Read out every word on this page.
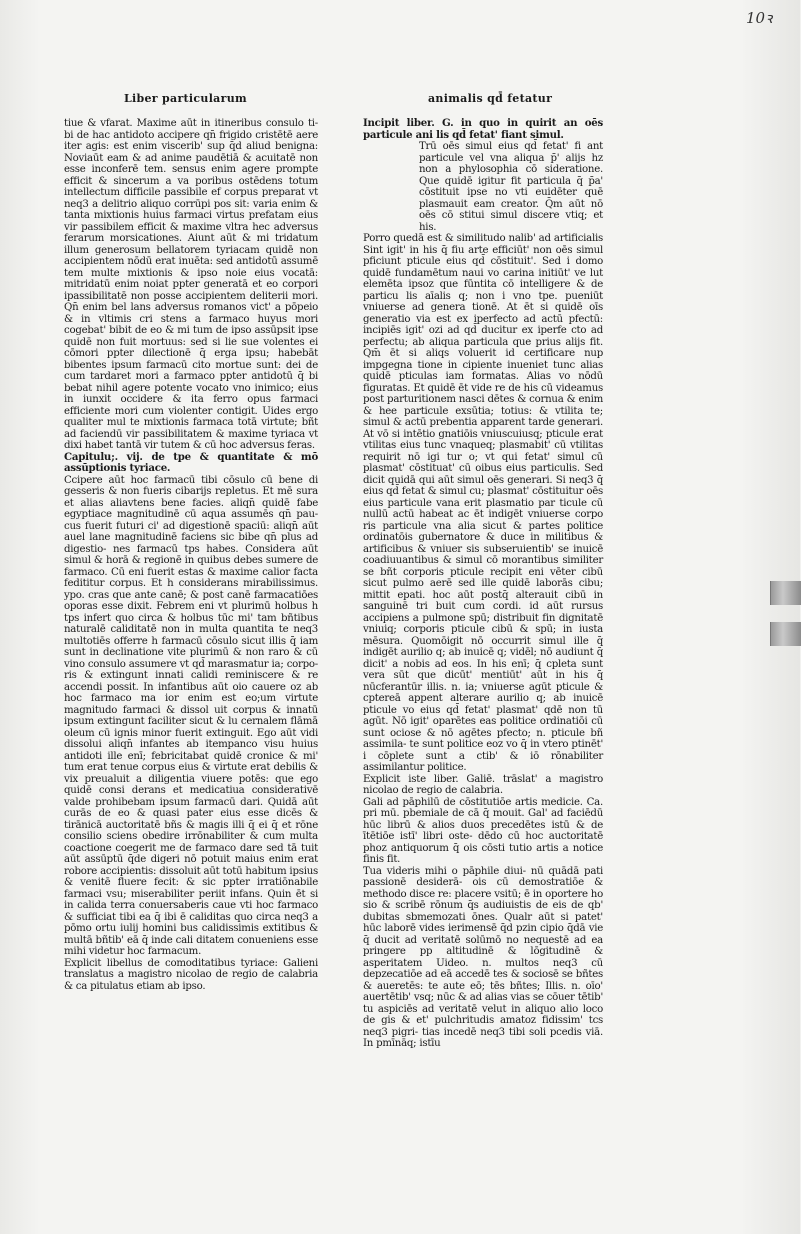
10ꝛ
Liber particularum	animalis qd̄ fetatur

tiue & vfarat. Maxime aūt in itineribus consulo ti- bi de hac antidoto accipere qn̄ frigido cristētē aere iter agis: est enim viscerib' sup q̄d aliud benigna: Noviaūt eam & ad anime paudētiā & acuitatē non esse inconferē tem. sensus enim agere prompte efficit & sincerum a va poribus ostēdens totum intellectum difficile passibile ef corpus preparat vt neq3 a delitrio aliquo corrūpi pos sit: varia enim & tanta mixtionis huius farmaci virtus prefatam eius vir passibilem efficit & maxime vltra hec adversus ferarum morsicationes. Aiunt aūt & mi tridatum illum generosum bellatorem tyriacam quidē non accipientem nōdū erat inuēta: sed antidotū assumē tem multe mixtionis & ipso noie eius vocatā: mitridatū enim noiat ppter generatā et eo corpori ipassibilitatē non posse accipientem deliterii mori. Qn̄ enim bel lans adversus romanos vict' a pōpeio & in vltimis cri stens a farmaco huyus mori cogebat' bibit de eo & mi tum de ipso assūpsit ipse quidē non fuit mortuus: sed si lie sue volentes ei cōmori ppter dilectionē q̄ erga ipsu; habebāt bibentes ipsum farmacū cito mortue sunt: dei de cum tardaret mori a farmaco ppter antidotū q̄ bi bebat nihil agere potente vocato vno inimico; eius in iunxit occidere & ita ferro opus farmaci efficiente mori cum violenter contigit. Uides ergo qualiter mul te mixtionis farmaca totā virtute; bñt ad faciendū vir passibilitatem & maxime tyriaca vt dixi habet tantā vir tutem & cū hoc adversus feras.

Capitulu;. vij. de tpe & quantitate & mō assūptionis tyriace.

Ccipere aūt hoc farmacū tibi cōsulo cū bene di gesseris & non fueris cibarijs repletus. Et mē sura et alias aliavtens bene facies. aliqn̄ quidē fabe egyptiace magnitudinē cū aqua assumēs qn̄ pau- cus fuerit futuri ci' ad digestionē spaciū: aliqn̄ aūt auel lane magnitudinē faciens sic bibe qn̄ plus ad digestio- nes farmacū tps habes. Considera aūt simul & horā & regionē in quibus debes sumere de farmaco. Cū eni fuerit estas & maxime calior facta fedititur corpus. Et h considerans mirabilissimus. ypo. cras que ante canē; & post canē farmacatiōes oporas esse dixit. Febrem eni vt plurimū holbus h tps infert quo circa & holbus tūc mi' tam bñtibus naturalē caliditatē non in multa quantita te neq3 multotiēs offerre h farmacū cōsulo sicut illis q̄ iam sunt in declinatione vite plurimū & non raro & cū vino consulo assumere vt qd̄ marasmatur ia; corpo- ris & extingunt innati calidi reminiscere & re accendi possit. In infantibus aūt oio cauere oz ab hoc farmaco ma ior enim est eo;um virtute magnitudo farmaci & dissol uit corpus & innatū ipsum extingunt faciliter sicut & lu cernalem flāmā oleum cū ignis minor fuerit extinguit. Ego aūt vidi dissolui aliqn̄ infantes ab itempanco visu huius antidoti ille enī; febricitabat quidē cronice & mi' tum erat tenue corpus eius & virtute erat debilis & vix preualuit a diligentia viuere potēs: que ego quidē consi derans et medicatiua considerativē valde prohibebam ipsum farmacū dari. Quidā aūt curās de eo & quasi pater eius esse dicēs & tirānicā auctoritatē bñs & magis illi q̄ ei q̄ et rōne consilio sciens obedire irrōnabiliter & cum multa coactione coegerit me de farmaco dare sed tā tuit aūt assūptū q̄de digeri nō potuit maius enim erat robore accipientis: dissoluit aūt totū habitum ipsius & venitē fluere fecit: & sic ppter irratiōnabile farmaci vsu; miserabiliter periit infans. Quin ēt si in calida terra conuersaberis caue vti hoc farmaco & sufficiat tibi ea q̄ ibi ē caliditas quo circa neq3 a pōmo ortu iulij homini bus calidissimis extitibus & multā bñtib' eā q̄ inde cali ditatem conueniens esse mihi videtur hoc farmacum.

Explicit libellus de comoditatibus tyriace: Galieni translatus a magistro nicolao de regio de calabria & ca pitulatus etiam ab ipso.

Incipit liber. G. in quo in quirit an oēs particule ani lis qd̄ fetat' fiant simul.

Trū oēs simul eius qd̄ fetat' fi ant particule vel vna aliqua p̄' alijs hz non a phylosophia cō sideratione. Que quidē igitur fit particula q̄ p̄a' cōstituit ipse no vti euidēter quē plasmauit eam creator. Q̄m aūt nō oēs cō stitui simul discere vtiq; et his.

Porro quedā est & similitudo nalib' ad artificialis Sint igit' in his q̄ fiu arte efficiūt' non oēs simul pficiunt pticule eius qd̄ cōstituit'. Sed i domo quidē fundamētum naui vo carina initiūt' ve lut elemēta ipsoz que fūntita cō intelligere & de particu lis aīalis q; non i vno tpe. pueniūt vniuerse ad genera tionē. At ēt si quidē oīs generatio via est ex iperfecto ad actū pfectū: incipiēs igit' ozi ad qd̄ ducitur ex iperfe cto ad perfectu; ab aliqua particula que prius alijs fit. Qm̄ ēt si aliqs voluerit id certificare nup impgegna tione in cipiente inueniet tunc alias quidē pticulas iam formatas. Alias vo nōdū figuratas. Et quidē ēt vide re de his cū videamus post parturitionem nasci dētes & cornua & enim & hee particule exsūtia; totius: & vtilita te; simul & actū prebentia apparent tarde generari. At vō si intētio gnatiōis vniuscuiusq; pticule erat vtilitas eius tunc vnaqueq; plasmabit' cū vtilitas requirit nō igi tur o; vt qui fetat' simul cū plasmat' cōstituat' cū oibus eius particulis. Sed dicit quidā qui aūt simul oēs generari. Si neq3 q̄ eius qd̄ fetat & simul cu; plasmat' cōstituitur oēs eius particule vana erit plasmatio par ticule cū nullū actū habeat ac ēt indigēt vniuerse corpo ris particule vna alia sicut & partes politice ordinatōis gubernatore & duce in militibus & artificibus & vniuer sis subseruientib' se inuicē coadiuuantibus & simul cō morantibus similiter se bñt corporis pticule recipit eni vēter cibū sicut pulmo aerē sed ille quidē laborās cibu; mittit epati. hoc aūt postq̄ alterauit cibū in sanguinē tri buit cum cordi. id aūt rursus accipiens a pulmone spū; distribuit fin dignitatē vniuiq; corporis pticule cibū & spū; in iusta mēsura. Quomōigit nō occurrit simul ille q̄ indigēt aurilio q; ab inuicē q; vidēl; nō audiunt q̄ dicit' a nobis ad eos. In his enī; q̄ cpleta sunt vera sūt que dicūt' mentiūt' aūt in his q̄ nūcferantūr illis. n. ia; vniuerse agūt pticule & cptereā appent alterare aurilio q; ab inuicē pticule vo eius qd̄ fetat' plasmat' qdē non tū agūt. Nō igit' oparētes eas politice ordinatiōi cū sunt ociose & nō agētes pfecto; n. pticule bñ assimila- te sunt politice eoz vo q̄ in vtero ptinēt' i cōplete sunt a ctib' & iō rōnabiliter assimilantur politice.

Explicit iste liber. Galiē. trāslat' a magistro nicolao de regio de calabria.

Gali ad pāphilū de cōstitutiōe artis medicie. Ca. pri mū. pbemiale de cā q̄ mouit. Gal' ad faciēdū hūc librū & alios duos precedētes istū & de ītētiōe istī' libri oste- dēdo cū hoc auctoritatē phoz antiquorum q̄ ois cōsti tutio artis a notice finis fit.

Tua videris mihi o pāphile diui- nū quādā pati passionē desiderā- ois cū demostratiōe & methodo disce re: placere vsitū; ē in oportere ho sio & scribē rōnum q̄s audiuistis de eis de qb' dubitas sbmemozati ōnes. Qualr aūt si patet' hūc laborē vides ierimensē q̄d pzin cipio q̄dā vie q̄ ducit ad veritatē solūmō no nequestē ad ea pringere pp altitudinē & lōgitudinē & asperitatem Uideo. n. multos neq3 cū depzecatiōe ad eā accedē tes & sociosē se bñtes & aueretēs: te aute eō; tēs bñtes; Illis. n. oīo' auertētib' vsq; nūc & ad alias vias se cōuer tētib' tu aspiciēs ad veritatē velut in aliquo alio loco de gis & et' pulchritudis amatoz fidissim' tcs neq3 pigri- tias incedē neq3 tibi soli pcedis viā. In pmīnāq; istīu
